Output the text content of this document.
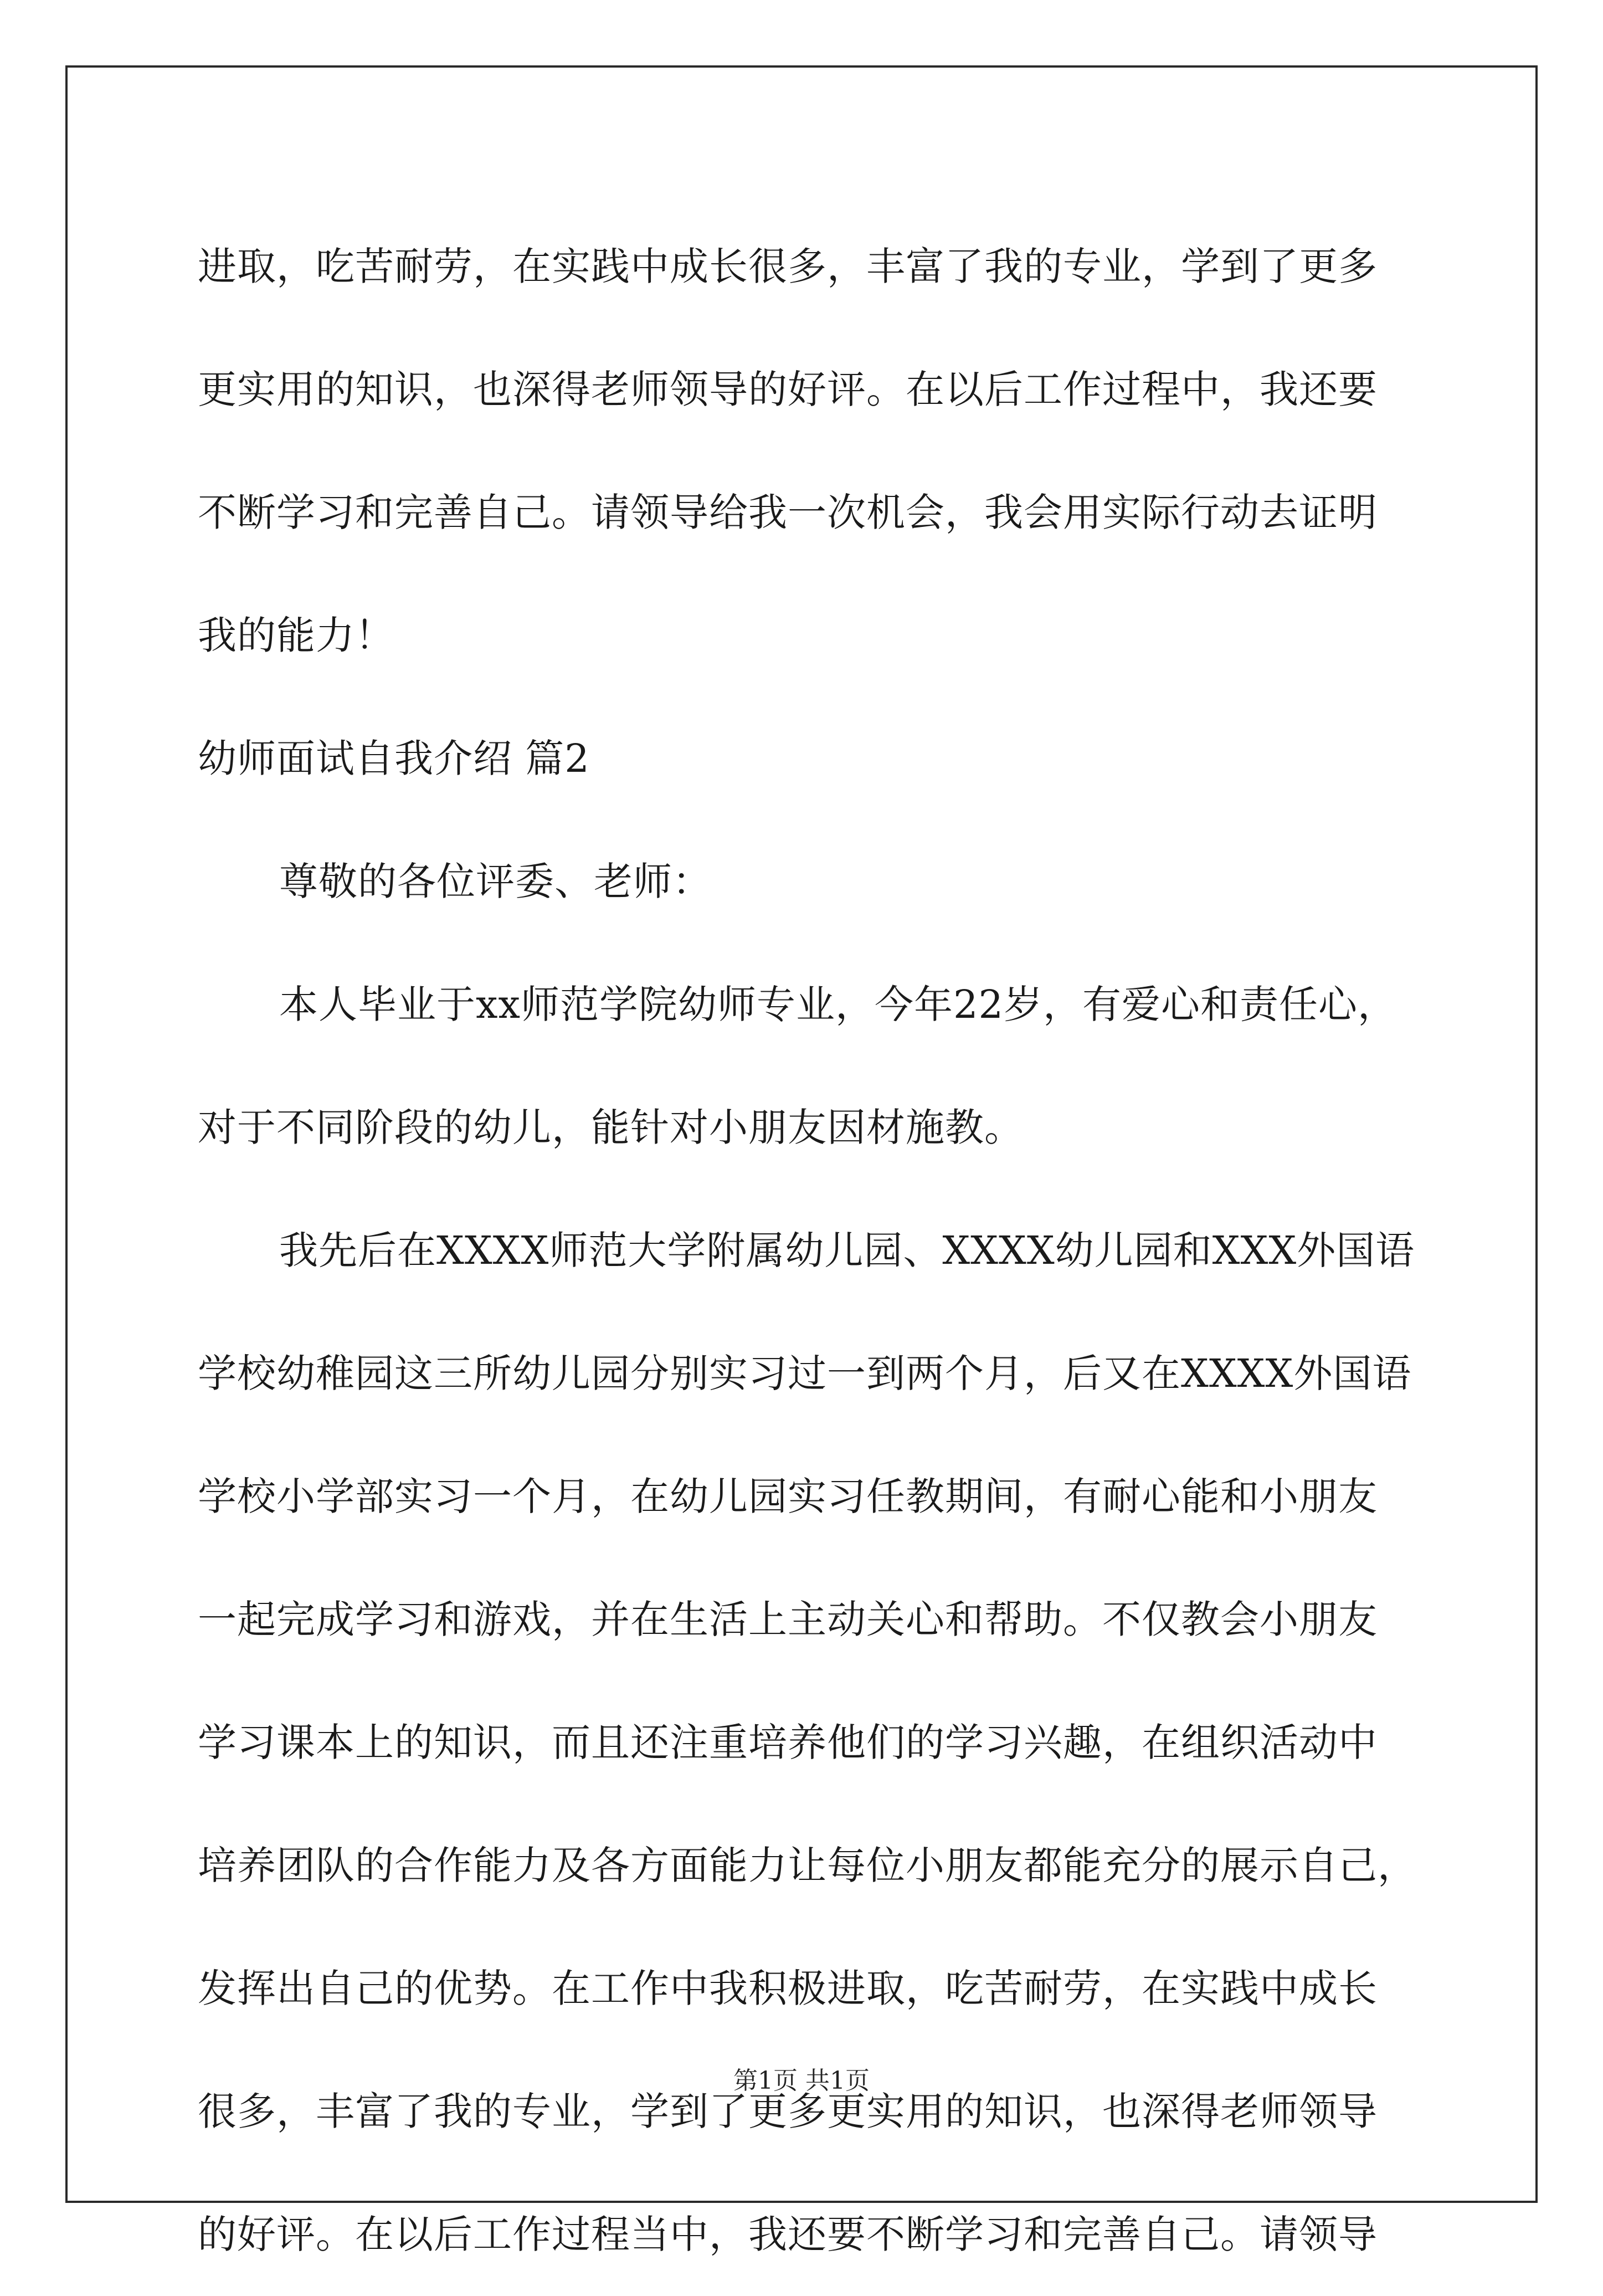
进取，吃苦耐劳，在实践中成长很多，丰富了我的专业，学到了更多
更实用的知识，也深得老师领导的好评。在以后工作过程中，我还要
不断学习和完善自己。请领导给我一次机会，我会用实际行动去证明
我的能力！
幼师面试自我介绍 篇2
尊敬的各位评委、老师：
本人毕业于xx师范学院幼师专业，今年22岁，有爱心和责任心，
对于不同阶段的幼儿，能针对小朋友因材施教。
我先后在XXXX师范大学附属幼儿园、XXXX幼儿园和XXX外国语
学校幼稚园这三所幼儿园分别实习过一到两个月，后又在XXXX外国语
学校小学部实习一个月，在幼儿园实习任教期间，有耐心能和小朋友
一起完成学习和游戏，并在生活上主动关心和帮助。不仅教会小朋友
学习课本上的知识，而且还注重培养他们的学习兴趣，在组织活动中
培养团队的合作能力及各方面能力让每位小朋友都能充分的展示自己，
发挥出自己的优势。在工作中我积极进取，吃苦耐劳，在实践中成长
很多，丰富了我的专业，学到了更多更实用的知识，也深得老师领导
的好评。在以后工作过程当中，我还要不断学习和完善自己。请领导
第1页 共1页
